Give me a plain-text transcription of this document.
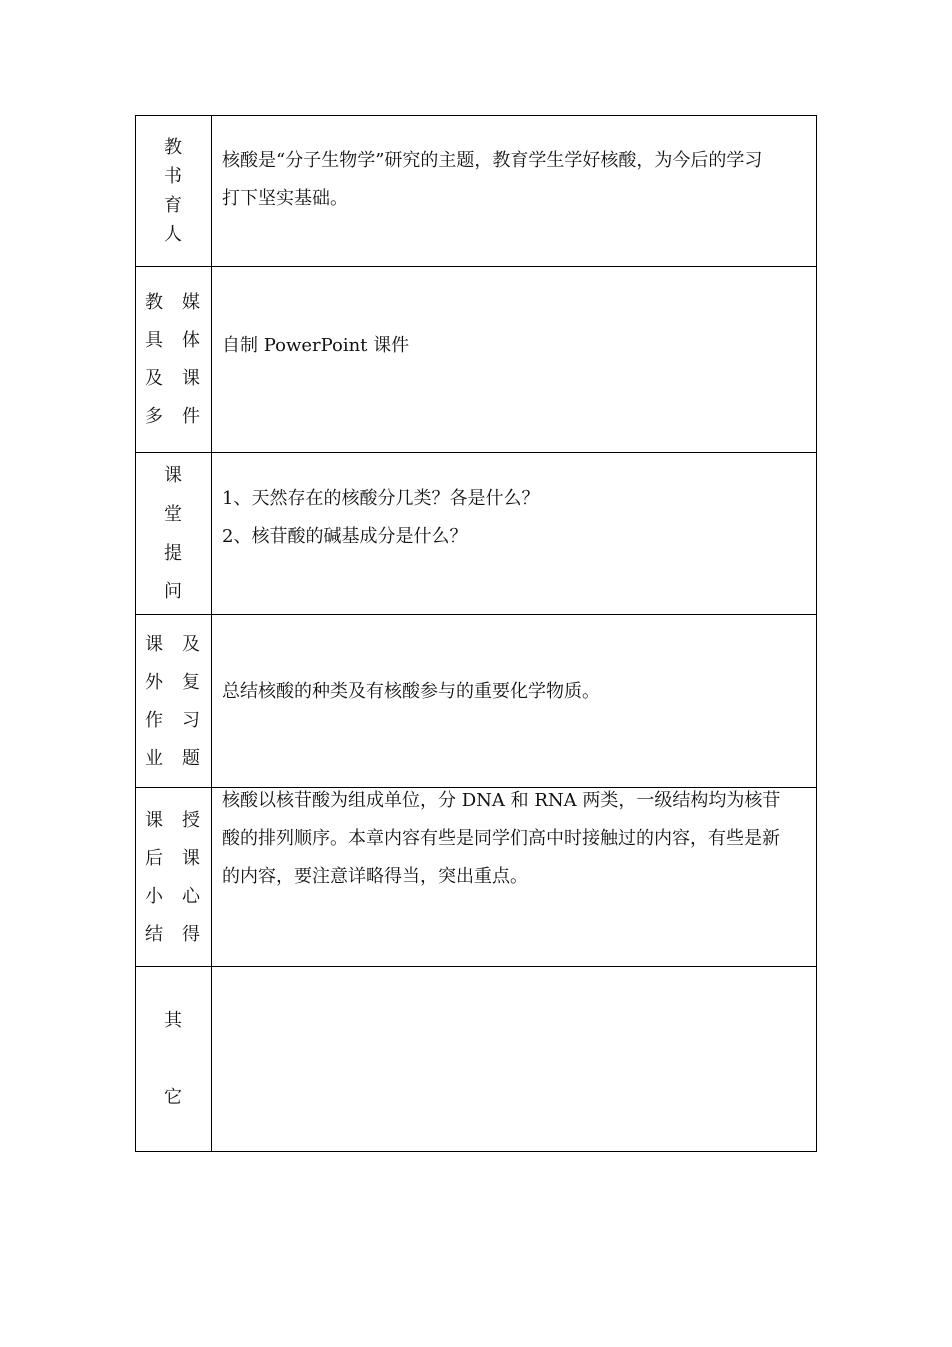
教
书
育
人

核酸是“分子生物学”研究的主题，教育学生学好核酸，为今后的学习

打下坚实基础。

教
具
及
多
媒
体
课
件

自制 PowerPoint 课件

课
堂
提
问

1、天然存在的核酸分几类？各是什么？

2、核苷酸的碱基成分是什么？

课
外
作
业
及
复
习
题

总结核酸的种类及有核酸参与的重要化学物质。

课
后
小
结
授
课
心
得

核酸以核苷酸为组成单位，分 DNA 和 RNA 两类，一级结构均为核苷

酸的排列顺序。本章内容有些是同学们高中时接触过的内容，有些是新

的内容，要注意详略得当，突出重点。

其
它
